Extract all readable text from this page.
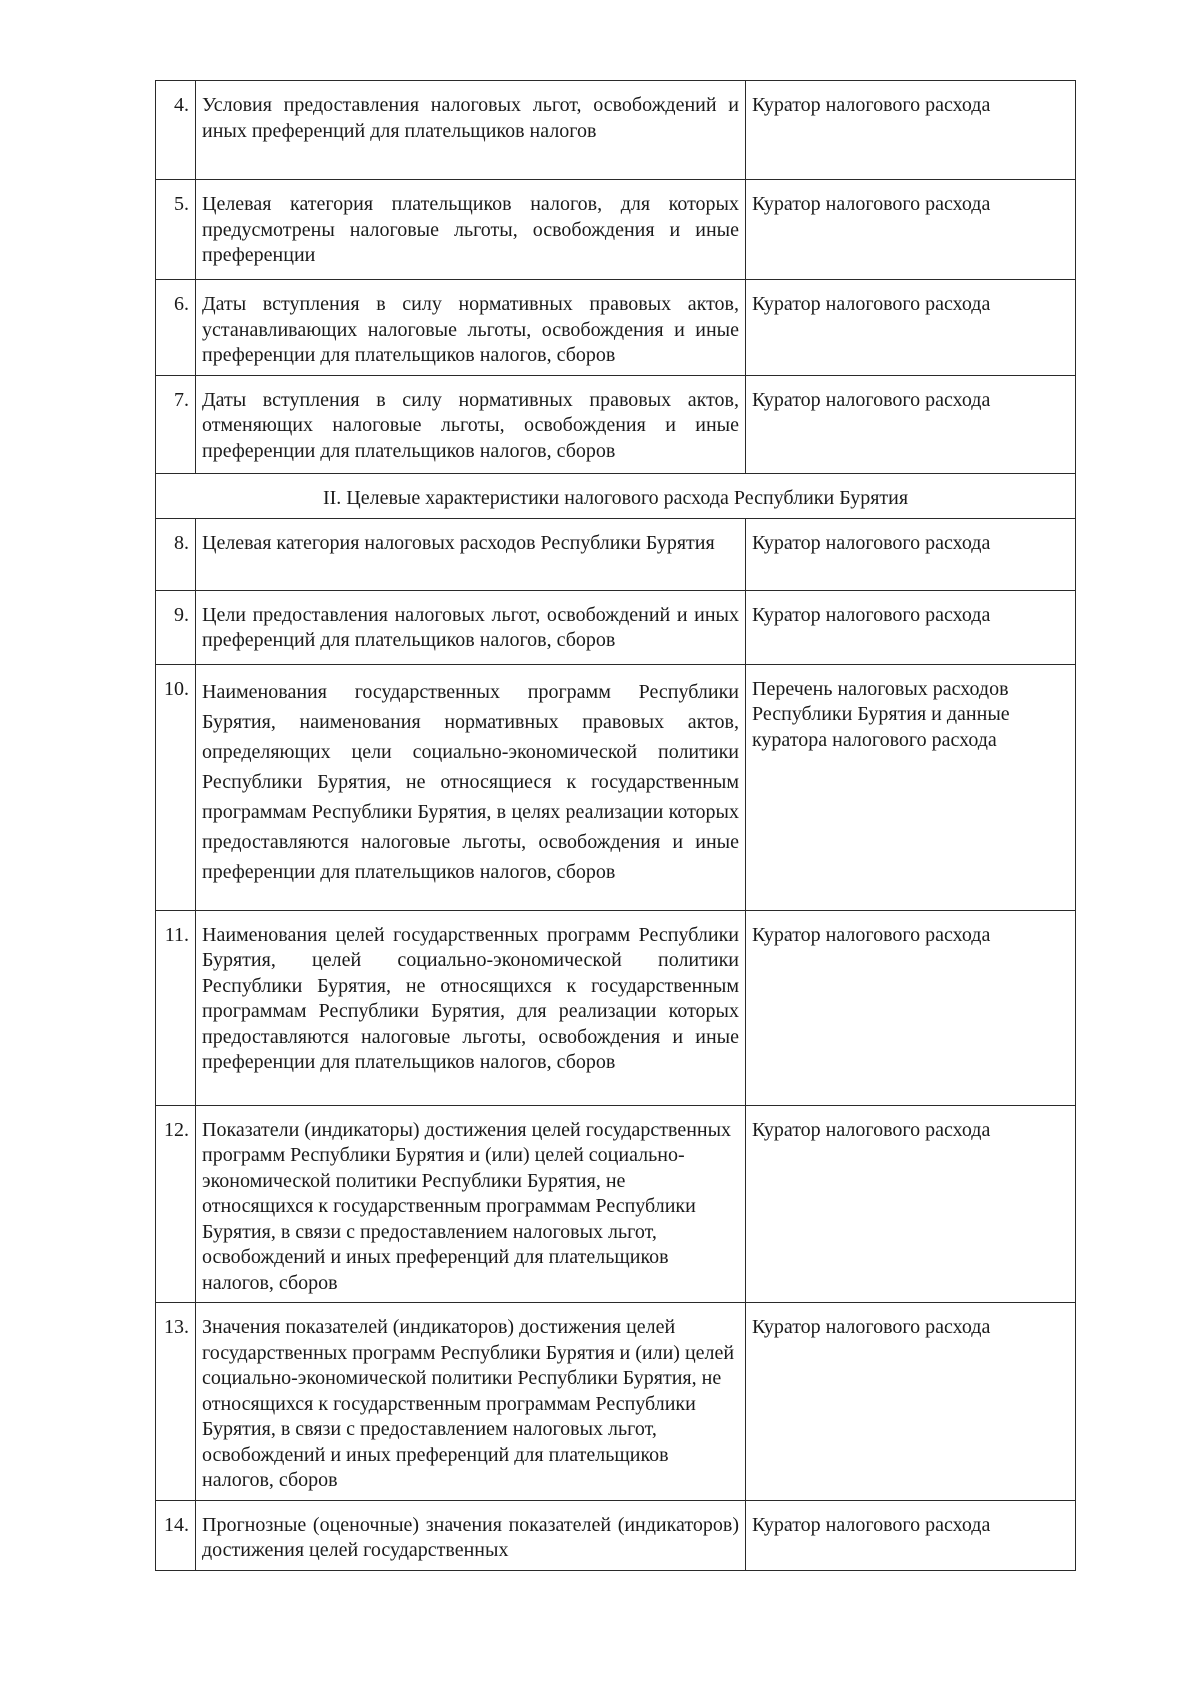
4.	Условия предоставления налоговых льгот, освобождений и иных преференций для плательщиков налогов	Куратор налогового расхода
5.	Целевая категория плательщиков налогов, для которых предусмотрены налоговые льготы, освобождения и иные преференции	Куратор налогового расхода
6.	Даты вступления в силу нормативных правовых актов, устанавливающих налоговые льготы, освобождения и иные преференции для плательщиков налогов, сборов	Куратор налогового расхода
7.	Даты вступления в силу нормативных правовых актов, отменяющих налоговые льготы, освобождения и иные преференции для плательщиков налогов, сборов	Куратор налогового расхода
II. Целевые характеристики налогового расхода Республики Бурятия		
8.	Целевая категория налоговых расходов Республики Бурятия	Куратор налогового расхода
9.	Цели предоставления налоговых льгот, освобождений и иных преференций для плательщиков налогов, сборов	Куратор налогового расхода
10.	Наименования государственных программ Республики Бурятия, наименования нормативных правовых актов, определяющих цели социально-экономической политики Республики Бурятия, не относящиеся к государственным программам Республики Бурятия, в целях реализации которых предоставляются налоговые льготы, освобождения и иные преференции для плательщиков налогов, сборов	Перечень налоговых расходов Республики Бурятия и данные куратора налогового расхода
11.	Наименования целей государственных программ Республики Бурятия, целей социально-экономической политики Республики Бурятия, не относящихся к государственным программам Республики Бурятия, для реализации которых предоставляются налоговые льготы, освобождения и иные преференции для плательщиков налогов, сборов	Куратор налогового расхода
12.	Показатели (индикаторы) достижения целей государственных программ Республики Бурятия и (или) целей социально-экономической политики Республики Бурятия, не относящихся к государственным программам Республики Бурятия, в связи с предоставлением налоговых льгот, освобождений и иных преференций для плательщиков налогов, сборов	Куратор налогового расхода
13.	Значения показателей (индикаторов) достижения целей государственных программ Республики Бурятия и (или) целей социально-экономической политики Республики Бурятия, не относящихся к государственным программам Республики Бурятия, в связи с предоставлением налоговых льгот, освобождений и иных преференций для плательщиков налогов, сборов	Куратор налогового расхода
14.	Прогнозные (оценочные) значения показателей (индикаторов) достижения целей государственных	Куратор налогового расхода
